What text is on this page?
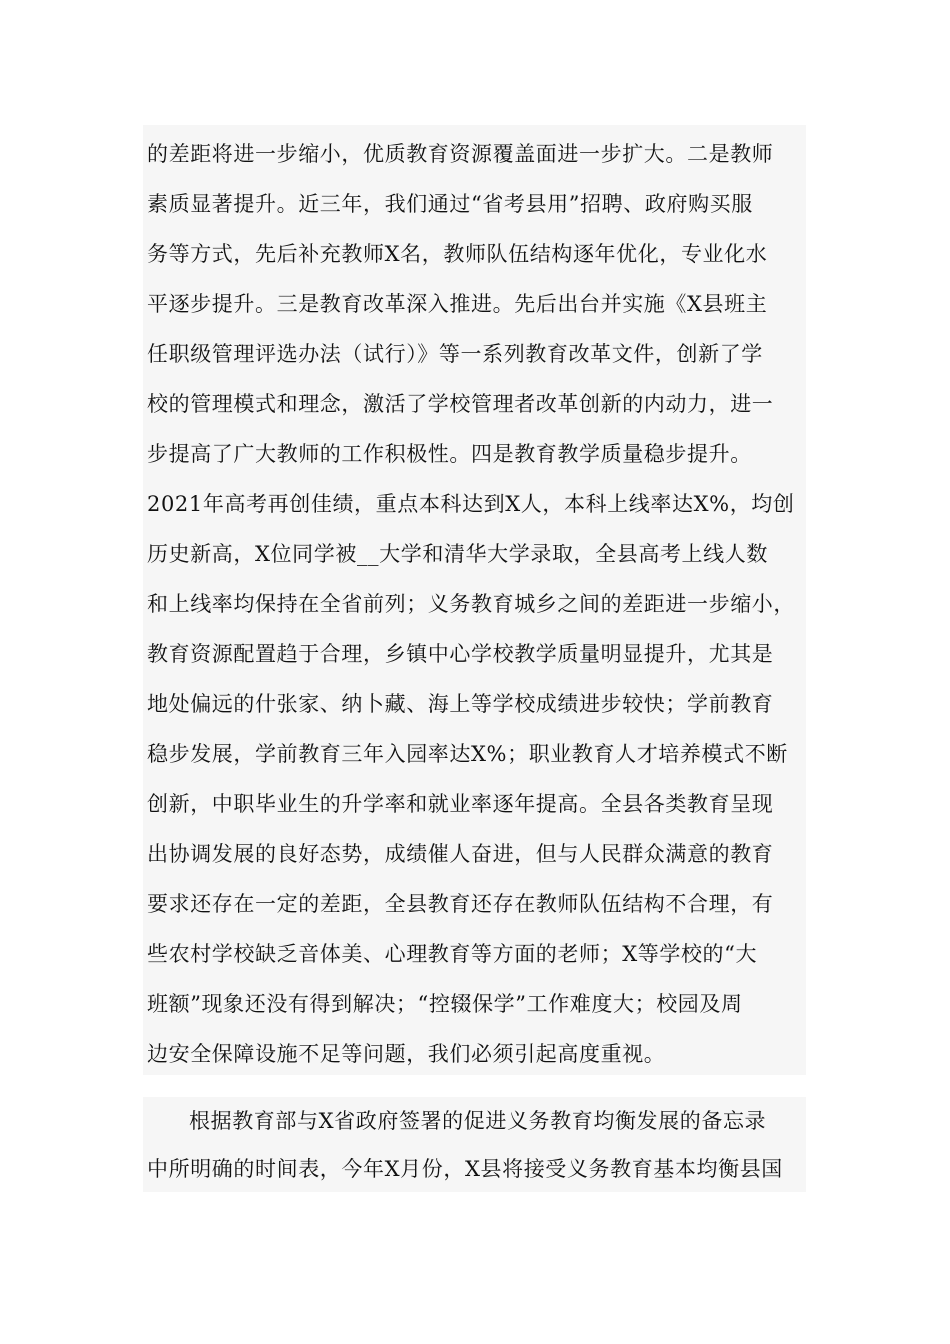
的差距将进一步缩小，优质教育资源覆盖面进一步扩大。二是教师
素质显著提升。近三年，我们通过“省考县用”招聘、政府购买服
务等方式，先后补充教师X名，教师队伍结构逐年优化，专业化水
平逐步提升。三是教育改革深入推进。先后出台并实施《X县班主
任职级管理评选办法（试行）》等一系列教育改革文件，创新了学
校的管理模式和理念，激活了学校管理者改革创新的内动力，进一
步提高了广大教师的工作积极性。四是教育教学质量稳步提升。
2021年高考再创佳绩，重点本科达到X人，本科上线率达X%，均创
历史新高，X位同学被__大学和清华大学录取，全县高考上线人数
和上线率均保持在全省前列；义务教育城乡之间的差距进一步缩小，
教育资源配置趋于合理，乡镇中心学校教学质量明显提升，尤其是
地处偏远的什张家、纳卜藏、海上等学校成绩进步较快；学前教育
稳步发展，学前教育三年入园率达X%；职业教育人才培养模式不断
创新，中职毕业生的升学率和就业率逐年提高。全县各类教育呈现
出协调发展的良好态势，成绩催人奋进，但与人民群众满意的教育
要求还存在一定的差距，全县教育还存在教师队伍结构不合理，有
些农村学校缺乏音体美、心理教育等方面的老师；X等学校的“大
班额”现象还没有得到解决；“控辍保学”工作难度大；校园及周
边安全保障设施不足等问题，我们必须引起高度重视。
根据教育部与X省政府签署的促进义务教育均衡发展的备忘录
中所明确的时间表，今年X月份，X县将接受义务教育基本均衡县国
